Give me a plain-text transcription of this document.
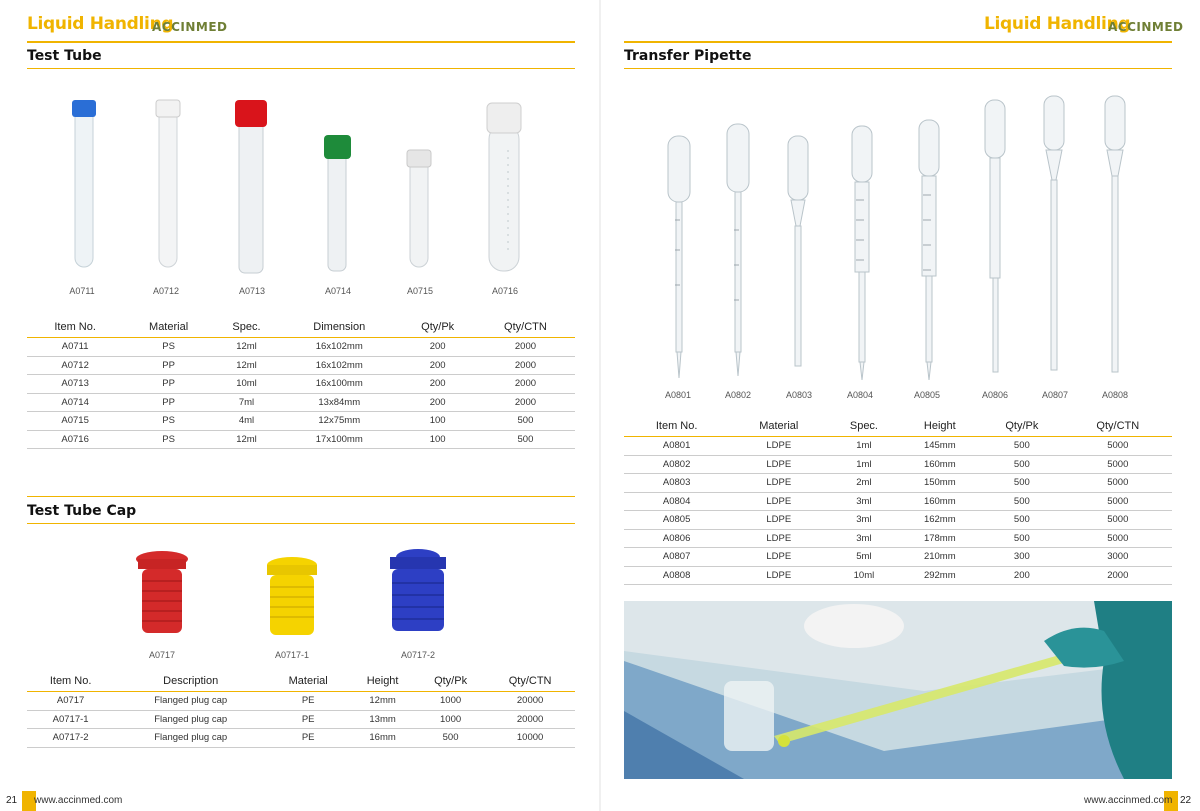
Liquid Handling
ACCINMED
Test Tube
A0711	A0712	A0713	A0714	A0715	A0716
Item No.	Material	Spec.	Dimension	Qty/Pk	Qty/CTN
A0711	PS	12ml	16x102mm	200	2000
A0712	PP	12ml	16x102mm	200	2000
A0713	PP	10ml	16x100mm	200	2000
A0714	PP	7ml	13x84mm	200	2000
A0715	PS	4ml	12x75mm	100	500
A0716	PS	12ml	17x100mm	100	500
Test Tube Cap
A0717	A0717-1	A0717-2
Item No.	Description	Material	Height	Qty/Pk	Qty/CTN
A0717	Flanged plug cap	PE	12mm	1000	20000
A0717-1	Flanged plug cap	PE	13mm	1000	20000
A0717-2	Flanged plug cap	PE	16mm	500	10000
21 www.accinmed.com
Liquid Handling
ACCINMED
Transfer Pipette
A0801	A0802	A0803	A0804	A0805	A0806	A0807	A0808
Item No.	Material	Spec.	Height	Qty/Pk	Qty/CTN
A0801	LDPE	1ml	145mm	500	5000
A0802	LDPE	1ml	160mm	500	5000
A0803	LDPE	2ml	150mm	500	5000
A0804	LDPE	3ml	160mm	500	5000
A0805	LDPE	3ml	162mm	500	5000
A0806	LDPE	3ml	178mm	500	5000
A0807	LDPE	5ml	210mm	300	3000
A0808	LDPE	10ml	292mm	200	2000
22
www.accinmed.com
